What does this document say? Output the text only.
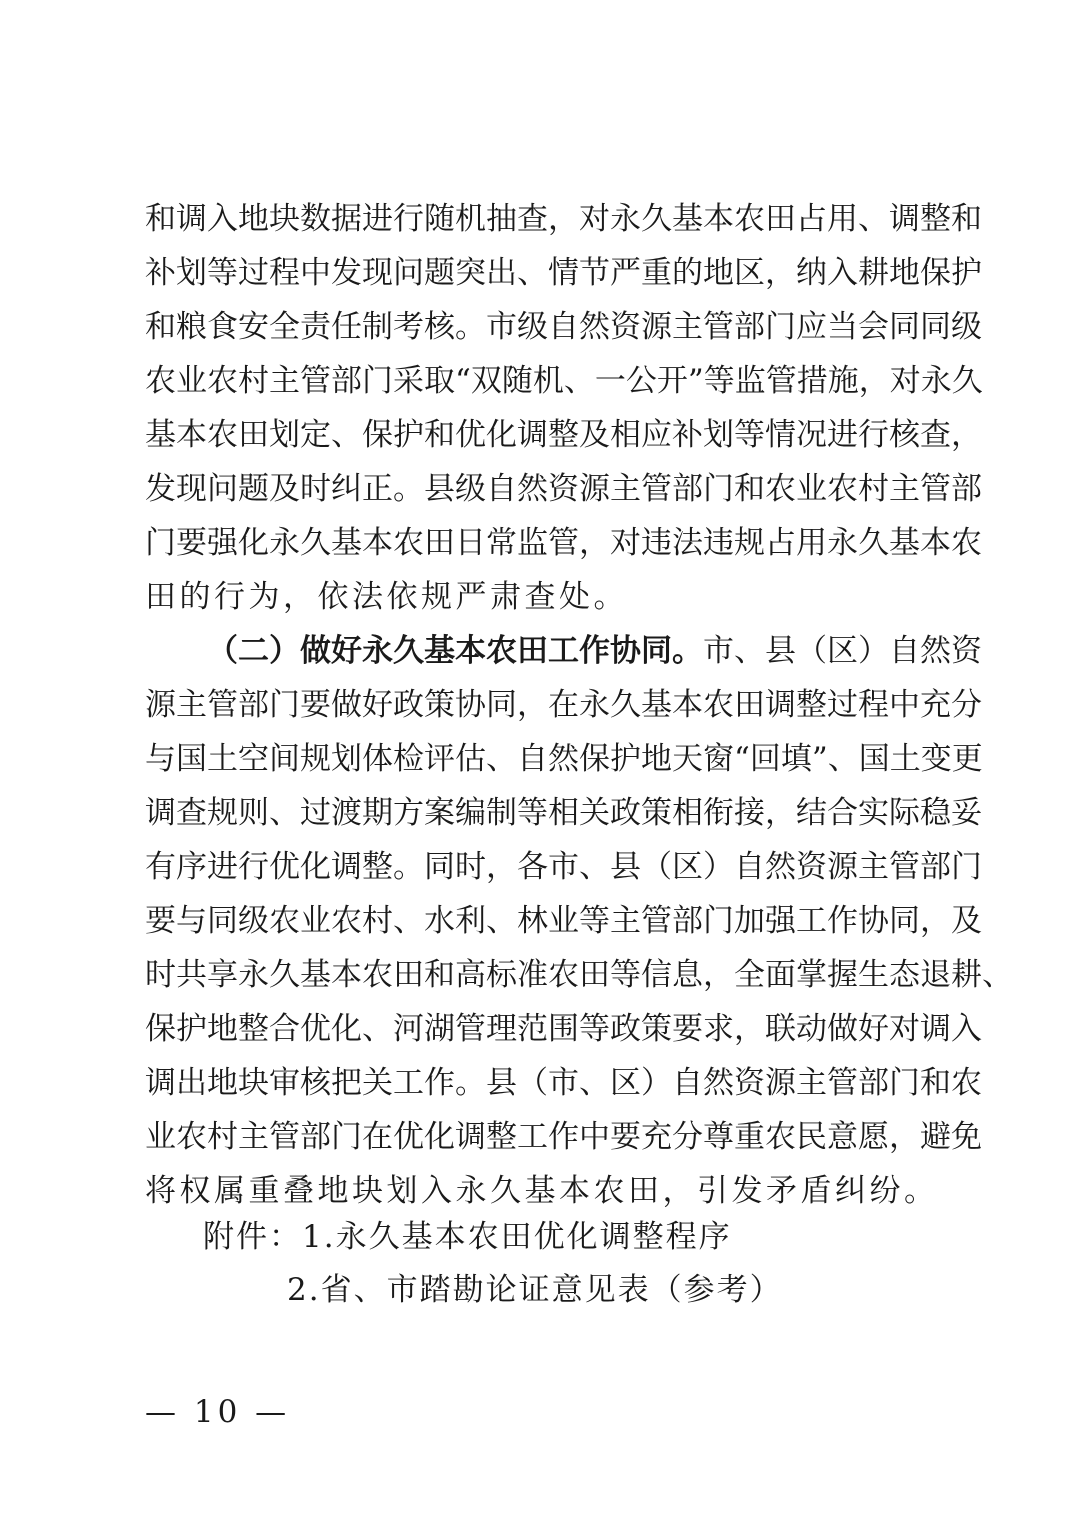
和调入地块数据进行随机抽查，对永久基本农田占用、调整和
补划等过程中发现问题突出、情节严重的地区，纳入耕地保护
和粮食安全责任制考核。市级自然资源主管部门应当会同同级
农业农村主管部门采取“双随机、一公开”等监管措施，对永久
基本农田划定、保护和优化调整及相应补划等情况进行核查，
发现问题及时纠正。县级自然资源主管部门和农业农村主管部
门要强化永久基本农田日常监管，对违法违规占用永久基本农
田的行为，依法依规严肃查处。
（二）做好永久基本农田工作协同。市、县（区）自然资
源主管部门要做好政策协同，在永久基本农田调整过程中充分
与国土空间规划体检评估、自然保护地天窗“回填”、国土变更
调查规则、过渡期方案编制等相关政策相衔接，结合实际稳妥
有序进行优化调整。同时，各市、县（区）自然资源主管部门
要与同级农业农村、水利、林业等主管部门加强工作协同，及
时共享永久基本农田和高标准农田等信息，全面掌握生态退耕、
保护地整合优化、河湖管理范围等政策要求，联动做好对调入
调出地块审核把关工作。县（市、区）自然资源主管部门和农
业农村主管部门在优化调整工作中要充分尊重农民意愿，避免
将权属重叠地块划入永久基本农田，引发矛盾纠纷。
附件：1.永久基本农田优化调整程序
2.省、市踏勘论证意见表（参考）
— 10 —
